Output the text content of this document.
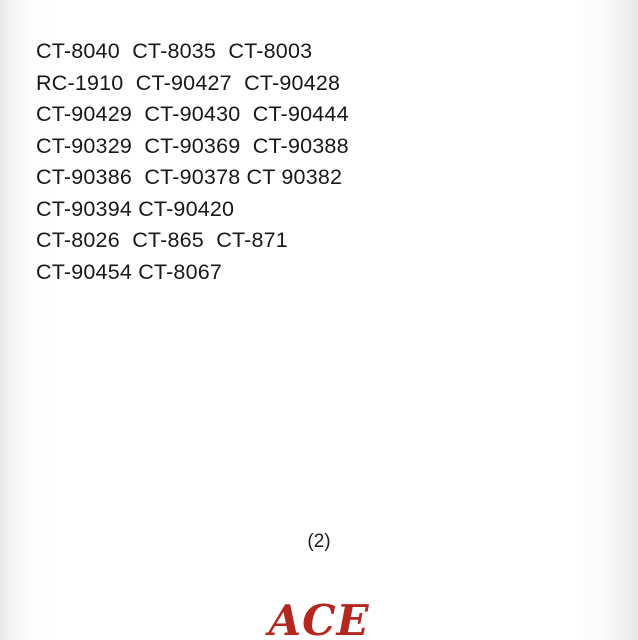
CT-8040  CT-8035  CT-8003
RC-1910  CT-90427  CT-90428
CT-90429  CT-90430  CT-90444
CT-90329  CT-90369  CT-90388
CT-90386  CT-90378 CT 90382
CT-90394 CT-90420
CT-8026  CT-865  CT-871
CT-90454 CT-8067
(2)
ACE
